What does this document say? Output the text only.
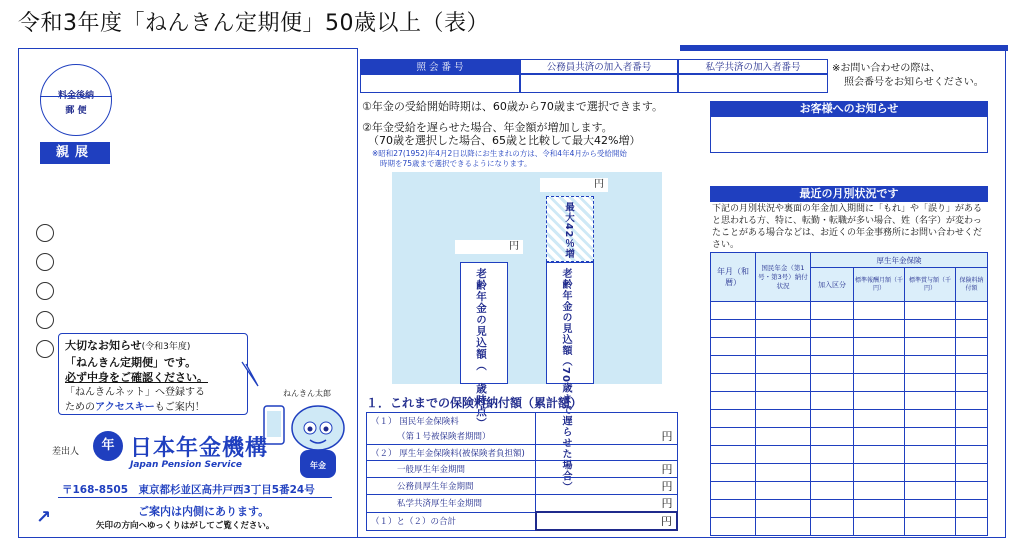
令和3年度「ねんきん定期便」50歳以上（表）
料金後納
郵 便
親展
大切なお知らせ(令和3年度)
「ねんきん定期便」です。
必ず中身をご確認ください。
「ねんきんネット」へ登録する
ためのアクセスキーもご案内！
ねんきん太郎
年金
差出人	年 日本年金機構
Japan Pension Service
〒168-8505　東京都杉並区高井戸西3丁目5番24号
↗	ご案内は内側にあります。
矢印の方向へゆっくりはがしてご覧ください。
照 会 番 号	公務員共済の加入者番号	私学共済の加入者番号	※お問い合わせの際は、
照会番号をお知らせください。
①年金の受給開始時期は、60歳から70歳まで選択できます。
②年金受給を遅らせた場合、年金額が増加します。
（70歳を選択した場合、65歳と比較して最大42%増）
※昭和27(1952)年4月2日以降にお生まれの方は、令和4年4月から受給開始
時期を75歳まで選択できるようになります。
円
円	最大42％増
老齢年金の見込額（　歳時点）	老齢年金の見込額（70歳まで遅らせた場合）
１．これまでの保険料納付額（累計額）
（１） 国民年金保険料	
（第１号被保険者期間）	円
（２） 厚生年金保険料(被保険者負担額)	
一般厚生年金期間	円
公務員厚生年金期間	円
私学共済厚生年金期間	円
（１）と（２）の合計	円
お客様へのお知らせ
最近の月別状況です
下記の月別状況や裏面の年金加入期間に「もれ」や「誤り」があると思われる方、特に、転勤・転職が多い場合、姓（名字）が変わったことがある場合などは、お近くの年金事務所にお問い合わせください。
年月（和暦）	国民年金（第1号・第3号）納付状況	厚生年金保険			
		加入区分	標準報酬月額（千円）	標準賞与額（千円）	保険料納付額
